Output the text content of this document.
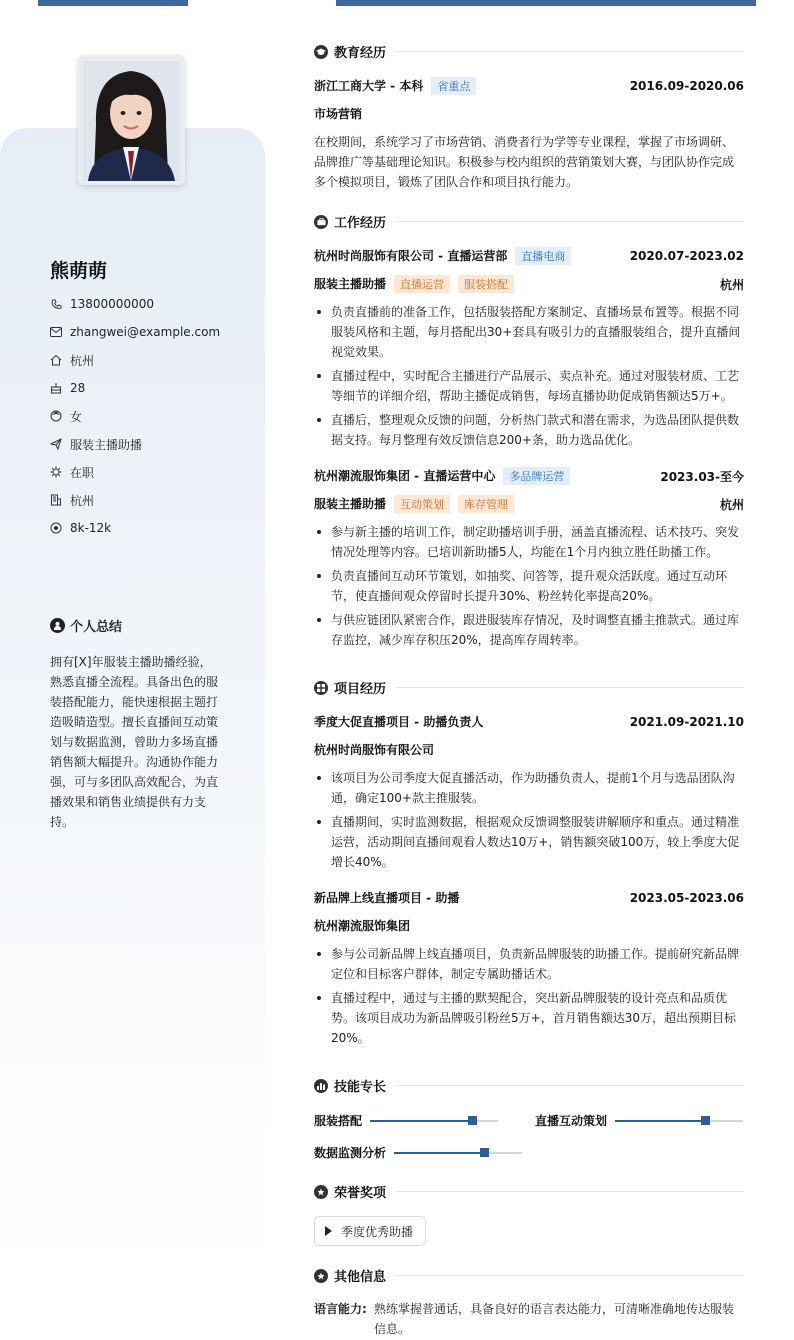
熊萌萌
13800000000
zhangwei@example.com
杭州
28
女
服装主播助播
在职
杭州
8k-12k
个人总结
拥有[X]年服装主播助播经验，熟悉直播全流程。具备出色的服装搭配能力，能快速根据主题打造吸睛造型。擅长直播间互动策划与数据监测，曾助力多场直播销售额大幅提升。沟通协作能力强，可与多团队高效配合，为直播效果和销售业绩提供有力支持。
教育经历
浙江工商大学 - 本科 省重点	2016.09-2020.06
市场营销
在校期间，系统学习了市场营销、消费者行为学等专业课程，掌握了市场调研、品牌推广等基础理论知识。积极参与校内组织的营销策划大赛，与团队协作完成多个模拟项目，锻炼了团队合作和项目执行能力。
工作经历
杭州时尚服饰有限公司 - 直播运营部 直播电商	2020.07-2023.02
服装主播助播 直播运营 服装搭配	杭州
负责直播前的准备工作，包括服装搭配方案制定、直播场景布置等。根据不同服装风格和主题，每月搭配出30+套具有吸引力的直播服装组合，提升直播间视觉效果。
直播过程中，实时配合主播进行产品展示、卖点补充。通过对服装材质、工艺等细节的详细介绍，帮助主播促成销售，每场直播协助促成销售额达5万+。
直播后，整理观众反馈的问题，分析热门款式和潜在需求，为选品团队提供数据支持。每月整理有效反馈信息200+条，助力选品优化。
杭州潮流服饰集团 - 直播运营中心 多品牌运营	2023.03-至今
服装主播助播 互动策划 库存管理	杭州
参与新主播的培训工作，制定助播培训手册，涵盖直播流程、话术技巧、突发情况处理等内容。已培训新助播5人，均能在1个月内独立胜任助播工作。
负责直播间互动环节策划，如抽奖、问答等，提升观众活跃度。通过互动环节，使直播间观众停留时长提升30%、粉丝转化率提高20%。
与供应链团队紧密合作，跟进服装库存情况，及时调整直播主推款式。通过库存监控，减少库存积压20%，提高库存周转率。
项目经历
季度大促直播项目 - 助播负责人	2021.09-2021.10
杭州时尚服饰有限公司
该项目为公司季度大促直播活动，作为助播负责人，提前1个月与选品团队沟通，确定100+款主推服装。
直播期间，实时监测数据，根据观众反馈调整服装讲解顺序和重点。通过精准运营，活动期间直播间观看人数达10万+，销售额突破100万，较上季度大促增长40%。
新品牌上线直播项目 - 助播	2023.05-2023.06
杭州潮流服饰集团
参与公司新品牌上线直播项目，负责新品牌服装的助播工作。提前研究新品牌定位和目标客户群体，制定专属助播话术。
直播过程中，通过与主播的默契配合，突出新品牌服装的设计亮点和品质优势。该项目成功为新品牌吸引粉丝5万+，首月销售额达30万，超出预期目标20%。
技能专长
服装搭配	直播互动策划
数据监测分析
荣誉奖项
季度优秀助播
其他信息
语言能力: 熟练掌握普通话，具备良好的语言表达能力，可清晰准确地传达服装信息。
